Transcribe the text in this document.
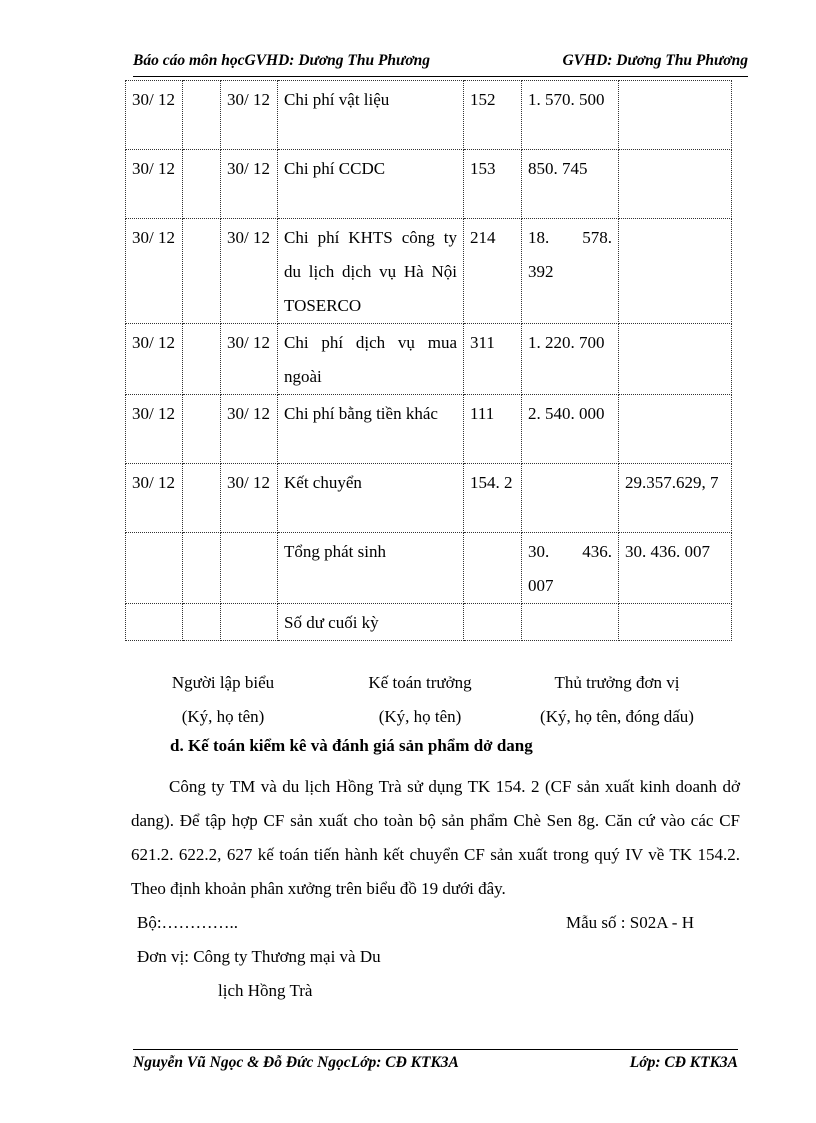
Báo cáo môn họcGVHD: Dương Thu Phương	GVHD: Dương Thu Phương
30/ 12		30/ 12	Chi phí vật liệu	152	1. 570. 500	
30/ 12		30/ 12	Chi phí CCDC	153	850. 745	
30/ 12		30/ 12	Chi phí KHTS công ty du lịch dịch vụ Hà Nội TOSERCO	214	18. 578. 392	
30/ 12		30/ 12	Chi phí dịch vụ mua ngoài	311	1. 220. 700	
30/ 12		30/ 12	Chi phí bằng tiền khác	111	2. 540. 000	
30/ 12		30/ 12	Kết chuyển	154. 2		29.357.629, 7
			Tổng phát sinh		30. 436. 007	30. 436. 007
			Số dư cuối kỳ			
Người lập biểu
(Ký, họ tên)
Kế toán trưởng
(Ký, họ tên)
Thủ trưởng đơn vị
(Ký, họ tên, đóng dấu)
d. Kế toán kiểm kê và đánh giá sản phẩm dở dang

Công ty TM và du lịch Hồng Trà sử dụng TK 154. 2 (CF sản xuất kinh doanh dở dang). Để tập hợp CF sản xuất cho toàn bộ sản phẩm Chè Sen 8g. Căn cứ vào các CF 621.2. 622.2, 627 kế toán tiến hành kết chuyển CF sản xuất trong quý IV về TK 154.2. Theo định khoản phân xưởng trên biểu đồ 19 dưới đây.

Bộ:…………..	Mẫu số : S02A - H
Đơn vị: Công ty Thương mại và Du
lịch Hồng Trà
Nguyễn Vũ Ngọc & Đỗ Đức NgọcLớp: CĐ KTK3A	Lớp: CĐ KTK3A
